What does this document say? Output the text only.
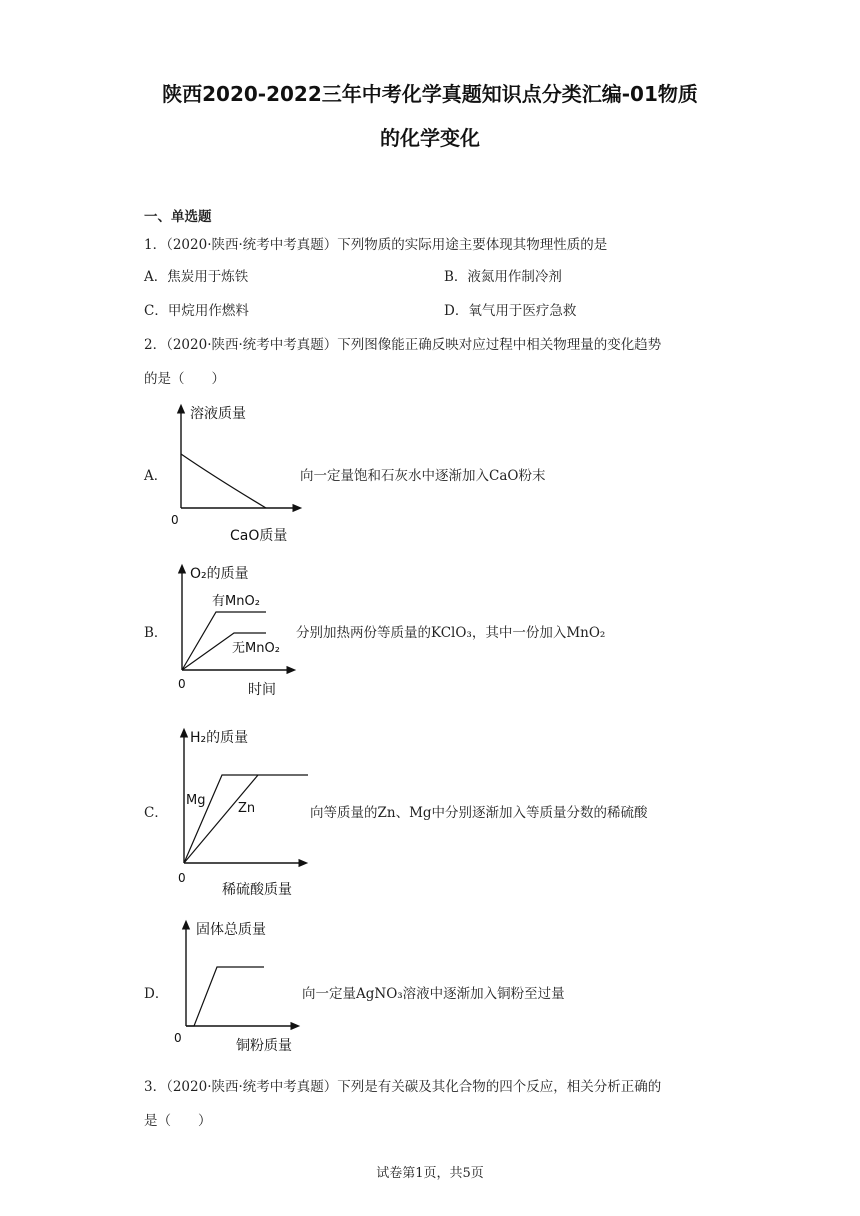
陕西2020-2022三年中考化学真题知识点分类汇编-01物质
的化学变化
一、单选题
1．（2020·陕西·统考中考真题）下列物质的实际用途主要体现其物理性质的是
A．焦炭用于炼铁	B．液氮用作制冷剂
C．甲烷用作燃料	D．氧气用于医疗急救
2．（2020·陕西·统考中考真题）下列图像能正确反映对应过程中相关物理量的变化趋势
的是（　　）
A．
溶液质量
0
CaO质量
向一定量饱和石灰水中逐渐加入CaO粉末
B．
O₂的质量
有MnO₂
无MnO₂
0	时间
分别加热两份等质量的KClO₃，其中一份加入MnO₂
C．
H₂的质量
Mg
Zn
0
稀硫酸质量
向等质量的Zn、Mg中分别逐渐加入等质量分数的稀硫酸
D．
固体总质量
0	铜粉质量
向一定量AgNO₃溶液中逐渐加入铜粉至过量
3．（2020·陕西·统考中考真题）下列是有关碳及其化合物的四个反应，相关分析正确的
是（　　）
试卷第1页，共5页
